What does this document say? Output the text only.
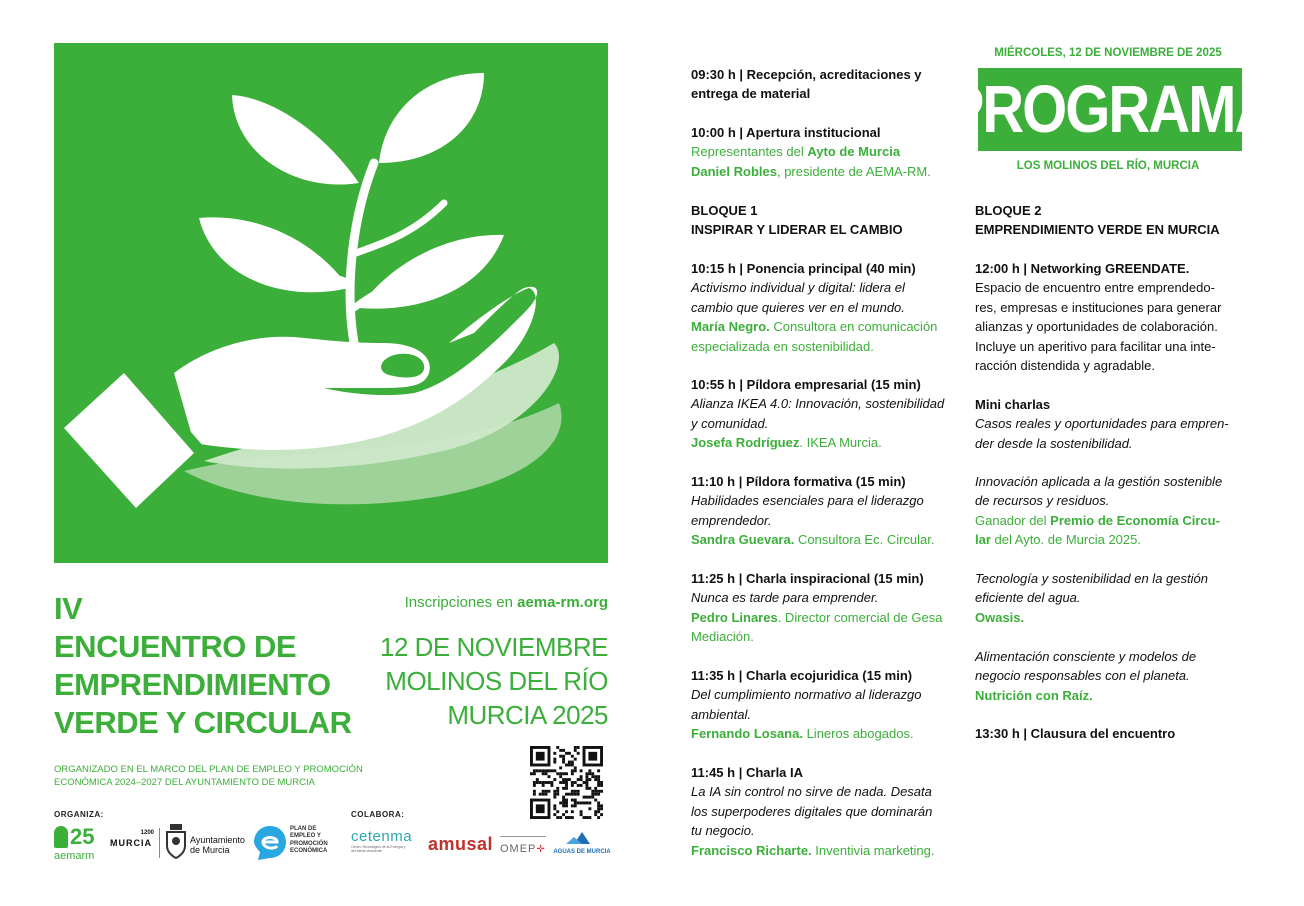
IV
ENCUENTRO DE
EMPRENDIMIENTO
VERDE Y CIRCULAR
Inscripciones en aema-rm.org
12 DE NOVIEMBRE
MOLINOS DEL RÍO
MURCIA 2025
ORGANIZADO EN EL MARCO DEL PLAN DE EMPLEO Y PROMOCIÓN
ECONÓMICA 2024–2027 DEL AYUNTAMIENTO DE MURCIA
ORGANIZA:	COLABORA:
25
aemarm
1200
MURCIA	Ayuntamiento
de Murcia
PLAN DE
EMPLEO Y
PROMOCIÓN
ECONÓMICA
cetenma
Centro Tecnológico de la Energía y del Medio Ambiente	amusal OMEP✛ AGUAS DE MURCIA
MIÉRCOLES, 12 DE NOVIEMBRE DE 2025
PROGRAMA
LOS MOLINOS DEL RÍO, MURCIA

09:30 h | Recepción, acreditaciones y

entrega de material

10:00 h | Apertura institucional

Representantes del Ayto de Murcia

Daniel Robles, presidente de AEMA-RM.

BLOQUE 1

INSPIRAR Y LIDERAR EL CAMBIO

10:15 h | Ponencia principal (40 min)

Activismo individual y digital: lidera el

cambio que quieres ver en el mundo.

María Negro. Consultora en comunicación

especializada en sostenibilidad.

10:55 h | Píldora empresarial (15 min)

Alianza IKEA 4.0: Innovación, sostenibilidad

y comunidad.

Josefa Rodríguez. IKEA Murcia.

11:10 h | Píldora formativa (15 min)

Habilidades esenciales para el liderazgo

emprendedor.

Sandra Guevara. Consultora Ec. Circular.

11:25 h | Charla inspiracional (15 min)

Nunca es tarde para emprender.

Pedro Linares. Director comercial de Gesa

Mediación.

11:35 h | Charla ecojuridica (15 min)

Del cumplimiento normativo al liderazgo

ambiental.

Fernando Losana. Lineros abogados.

11:45 h | Charla IA

La IA sin control no sirve de nada. Desata

los superpoderes digitales que dominarán

tu negocio.

Francisco Richarte. Inventivia marketing.

BLOQUE 2

EMPRENDIMIENTO VERDE EN MURCIA

12:00 h | Networking GREENDATE.

Espacio de encuentro entre emprendedo-

res, empresas e instituciones para generar

alianzas y oportunidades de colaboración.

Incluye un aperitivo para facilitar una inte-

racción distendida y agradable.

Mini charlas

Casos reales y oportunidades para empren-

der desde la sostenibilidad.

Innovación aplicada a la gestión sostenible

de recursos y residuos.

Ganador del Premio de Economía Circu-

lar del Ayto. de Murcia 2025.

Tecnología y sostenibilidad en la gestión

eficiente del agua.

Owasis.

Alimentación consciente y modelos de

negocio responsables con el planeta.

Nutrición con Raíz.

13:30 h | Clausura del encuentro
